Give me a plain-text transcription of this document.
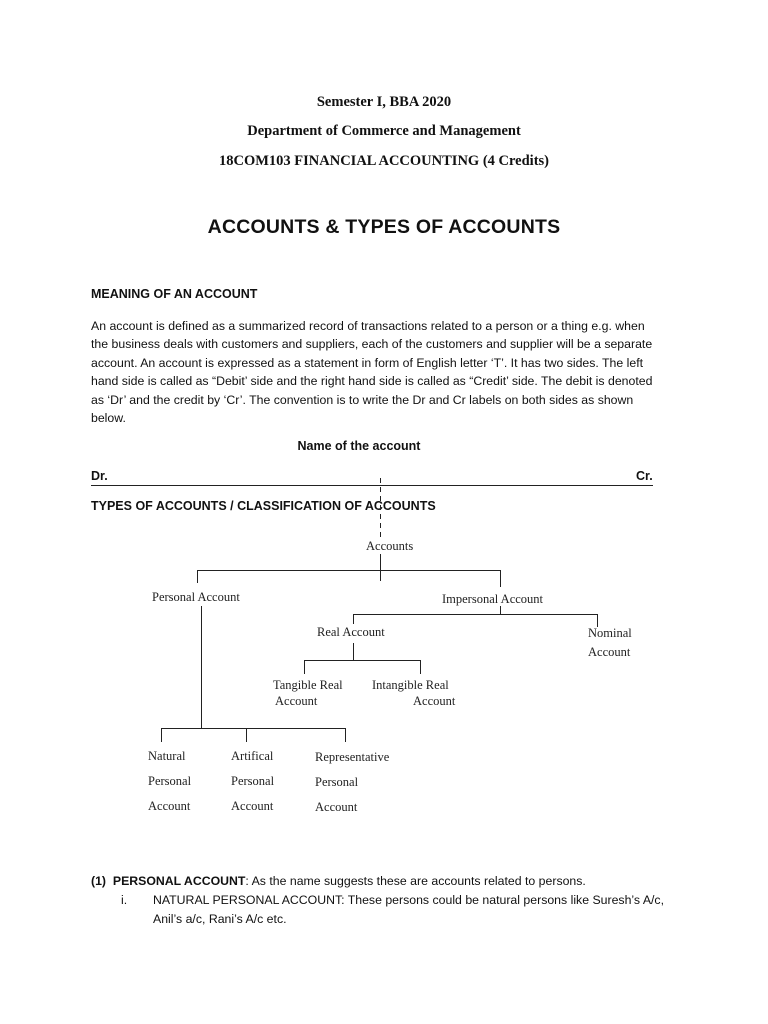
Semester I, BBA 2020
Department of Commerce and Management
18COM103 FINANCIAL ACCOUNTING (4 Credits)
ACCOUNTS & TYPES OF ACCOUNTS
MEANING OF AN ACCOUNT
An account is defined as a summarized record of transactions related to a person or a thing e.g. when
the business deals with customers and suppliers, each of the customers and supplier will be a separate
account. An account is expressed as a statement in form of English letter ‘T’. It has two sides. The left
hand side is called as “Debit’ side and the right hand side is called as “Credit’ side. The debit is denoted
as ‘Dr’ and the credit by ‘Cr’. The convention is to write the Dr and Cr labels on both sides as shown
below.
Name of the account
Dr.	Cr.
TYPES OF ACCOUNTS / CLASSIFICATION OF ACCOUNTS
Accounts
Personal Account	Impersonal Account
Real Account	Nominal
Account
Tangible Real
Account
Intangible Real
Account
Natural
Personal
Account
Artifical
Personal
Account
Representative
Personal
Account
(1) PERSONAL ACCOUNT: As the name suggests these are accounts related to persons.
i. NATURAL PERSONAL ACCOUNT: These persons could be natural persons like Suresh’s A/c,
Anil’s a/c, Rani’s A/c etc.
